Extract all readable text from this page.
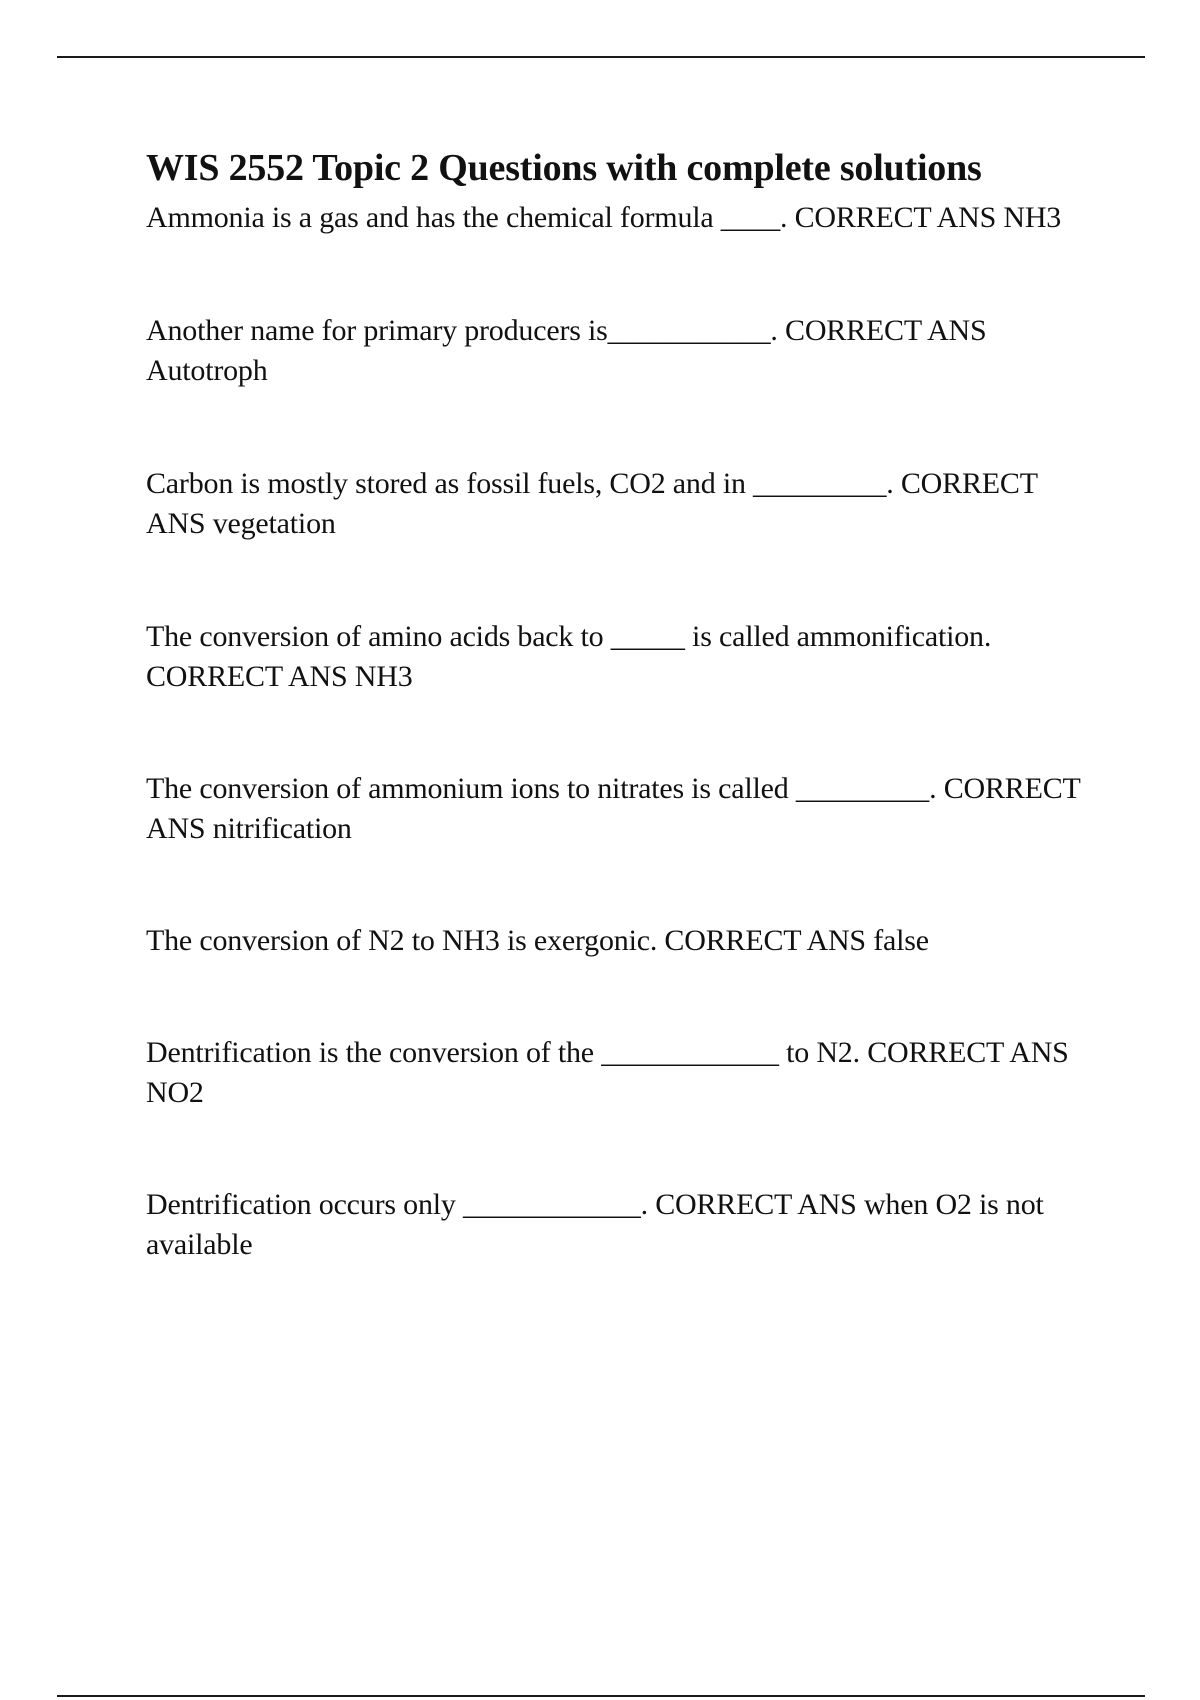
WIS 2552 Topic 2 Questions with complete solutions
Ammonia is a gas and has the chemical formula ____. CORRECT ANS NH3
Another name for primary producers is___________. CORRECT ANS Autotroph
Carbon is mostly stored as fossil fuels, CO2 and in _________. CORRECT ANS vegetation
The conversion of amino acids back to _____ is called ammonification. CORRECT ANS NH3
The conversion of ammonium ions to nitrates is called _________. CORRECT ANS nitrification
The conversion of N2 to NH3 is exergonic. CORRECT ANS false
Dentrification is the conversion of the ____________ to N2. CORRECT ANS NO2
Dentrification occurs only ____________. CORRECT ANS when O2 is not available
